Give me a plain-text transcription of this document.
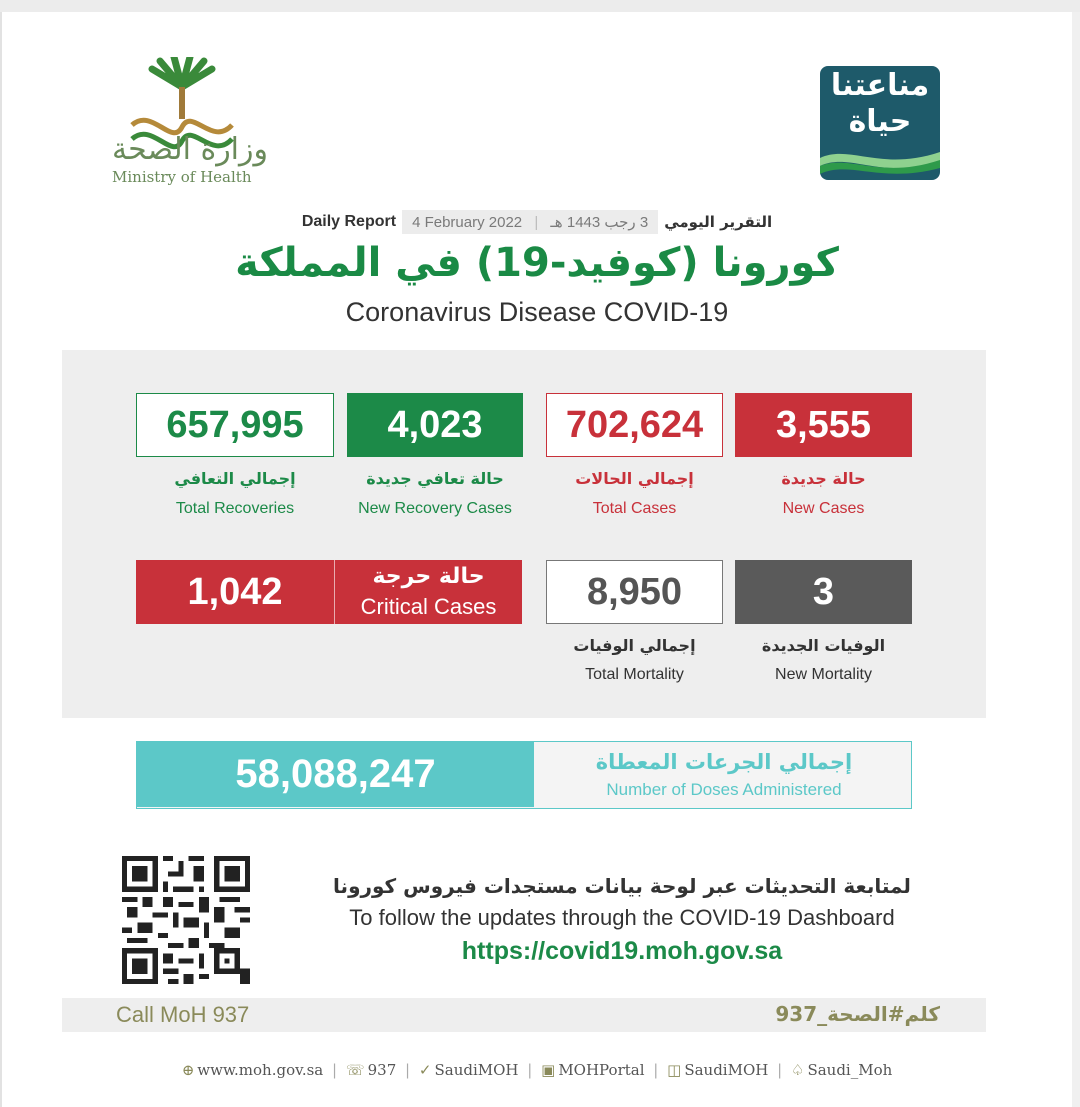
وزارة الصحة
Ministry of Health
مناعتنا
حياة
Daily Report	4 February 2022 | 3 رجب 1443 هـ	التقرير اليومي
كورونا (كوفيد-19) في المملكة
Coronavirus Disease COVID-19
657,995
إجمالي التعافي
Total Recoveries
4,023
حالة تعافي جديدة
New Recovery Cases
702,624
إجمالي الحالات
Total Cases
3,555
حالة جديدة
New Cases
1,042	حالة حرجة
Critical Cases	8,950
إجمالي الوفيات
Total Mortality
3
الوفيات الجديدة
New Mortality
58,088,247	إجمالي الجرعات المعطاة
Number of Doses Administered
لمتابعة التحديثات عبر لوحة بيانات مستجدات فيروس كورونا
To follow the updates through the COVID-19 Dashboard
https://covid19.moh.gov.sa
Call MoH 937	كلم#الصحة_937
⊕ www.moh.gov.sa | ☏ 937 | ✓ SaudiMOH | ▣ MOHPortal | ◫ SaudiMOH | ♤ Saudi_Moh
